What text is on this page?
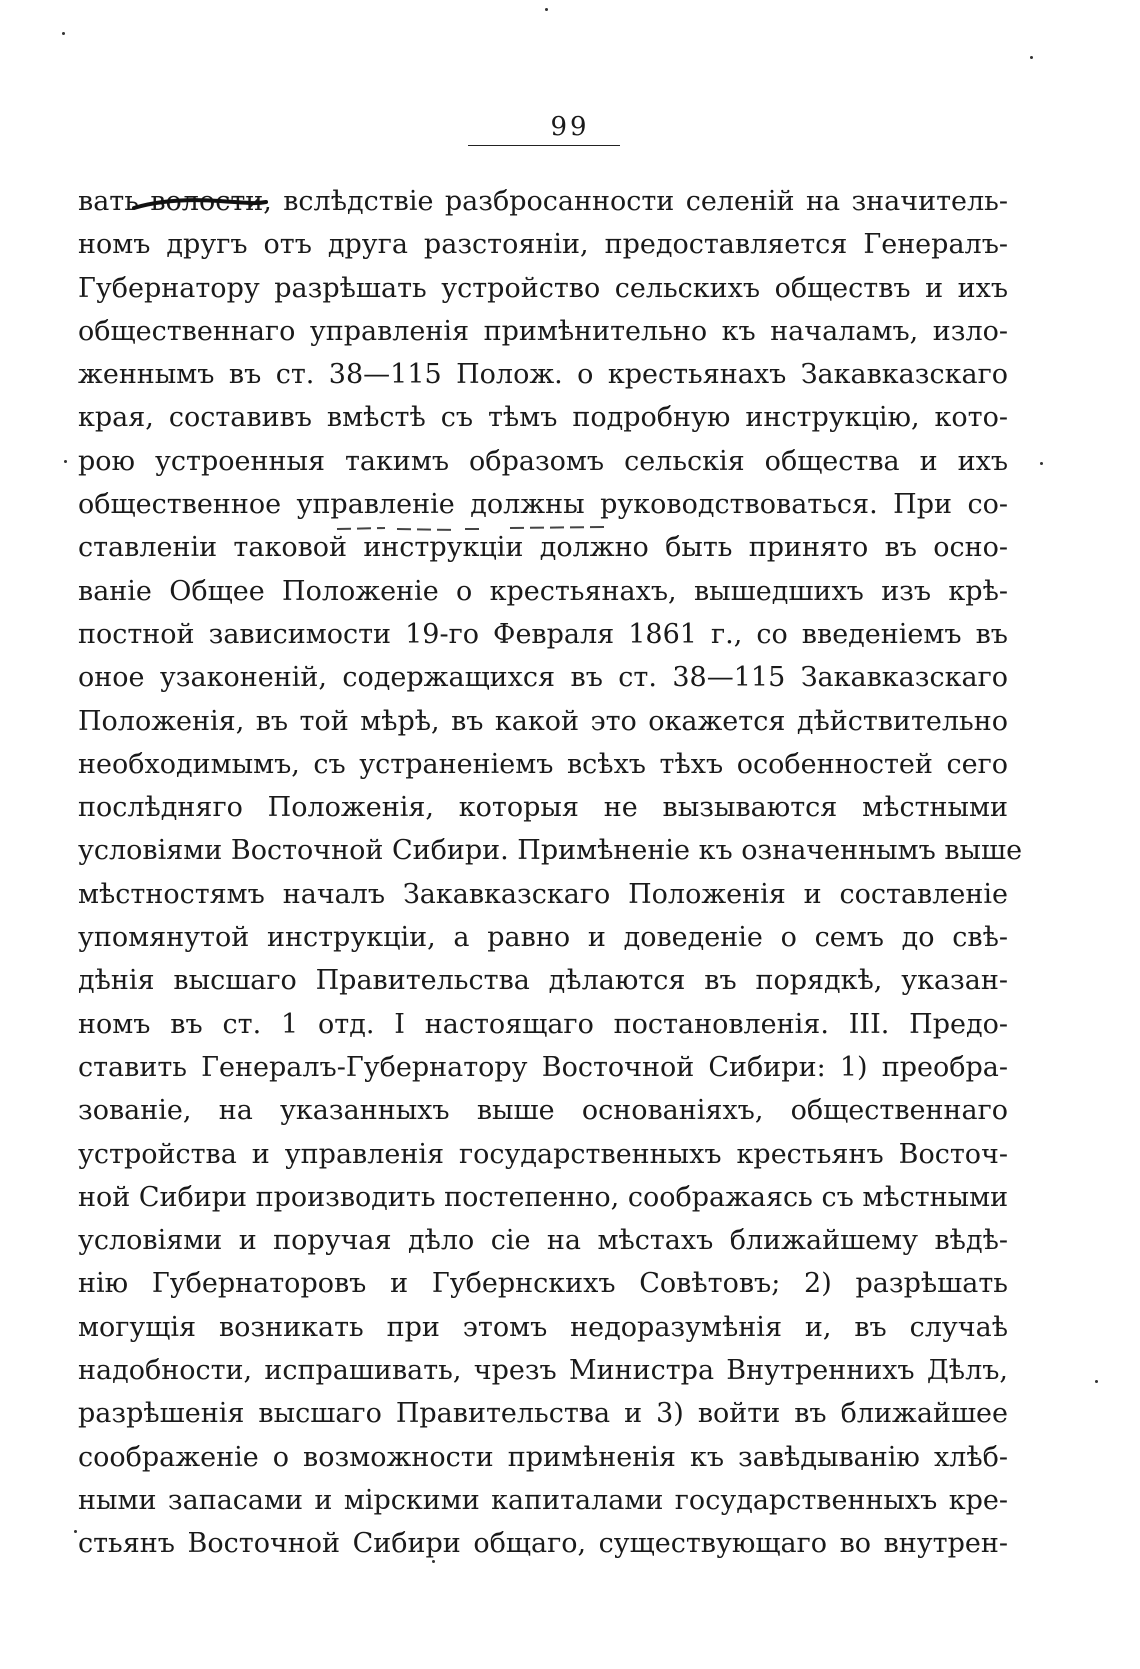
99
вать волости, вслѣдствіе разбросанности селеній на значитель-
номъ другъ отъ друга разстояніи, предоставляется Генералъ-
Губернатору разрѣшать устройство сельскихъ обществъ и ихъ
общественнаго управленія примѣнительно къ началамъ, изло-
женнымъ въ ст. 38—115 Полож. о крестьянахъ Закавказскаго
края, составивъ вмѣстѣ съ тѣмъ подробную инструкцію, кото-
рою устроенныя такимъ образомъ сельскія общества и ихъ
общественное управленіе должны руководствоваться. При со-
ставленіи таковой инструкціи должно быть принято въ осно-
ваніе Общее Положеніе о крестьянахъ, вышедшихъ изъ крѣ-
постной зависимости 19-го Февраля 1861 г., со введеніемъ въ
оное узаконеній, содержащихся въ ст. 38—115 Закавказскаго
Положенія, въ той мѣрѣ, въ какой это окажется дѣйствительно
необходимымъ, съ устраненіемъ всѣхъ тѣхъ особенностей сего
послѣдняго Положенія, которыя не вызываются мѣстными
условіями Восточной Сибири. Примѣненіе къ означеннымъ выше
мѣстностямъ началъ Закавказскаго Положенія и составленіе
упомянутой инструкціи, а равно и доведеніе о семъ до свѣ-
дѣнія высшаго Правительства дѣлаются въ порядкѣ, указан-
номъ въ ст. 1 отд. I настоящаго постановленія. III. Предо-
ставить Генералъ-Губернатору Восточной Сибири: 1) преобра-
зованіе, на указанныхъ выше основаніяхъ, общественнаго
устройства и управленія государственныхъ крестьянъ Восточ-
ной Сибири производить постепенно, соображаясь съ мѣстными
условіями и поручая дѣло сіе на мѣстахъ ближайшему вѣдѣ-
нію Губернаторовъ и Губернскихъ Совѣтовъ; 2) разрѣшать
могущія возникать при этомъ недоразумѣнія и, въ случаѣ
надобности, испрашивать, чрезъ Министра Внутреннихъ Дѣлъ,
разрѣшенія высшаго Правительства и 3) войти въ ближайшее
соображеніе о возможности примѣненія къ завѣдыванію хлѣб-
ными запасами и мірскими капиталами государственныхъ кре-
стьянъ Восточной Сибири общаго, существующаго во внутрен-
